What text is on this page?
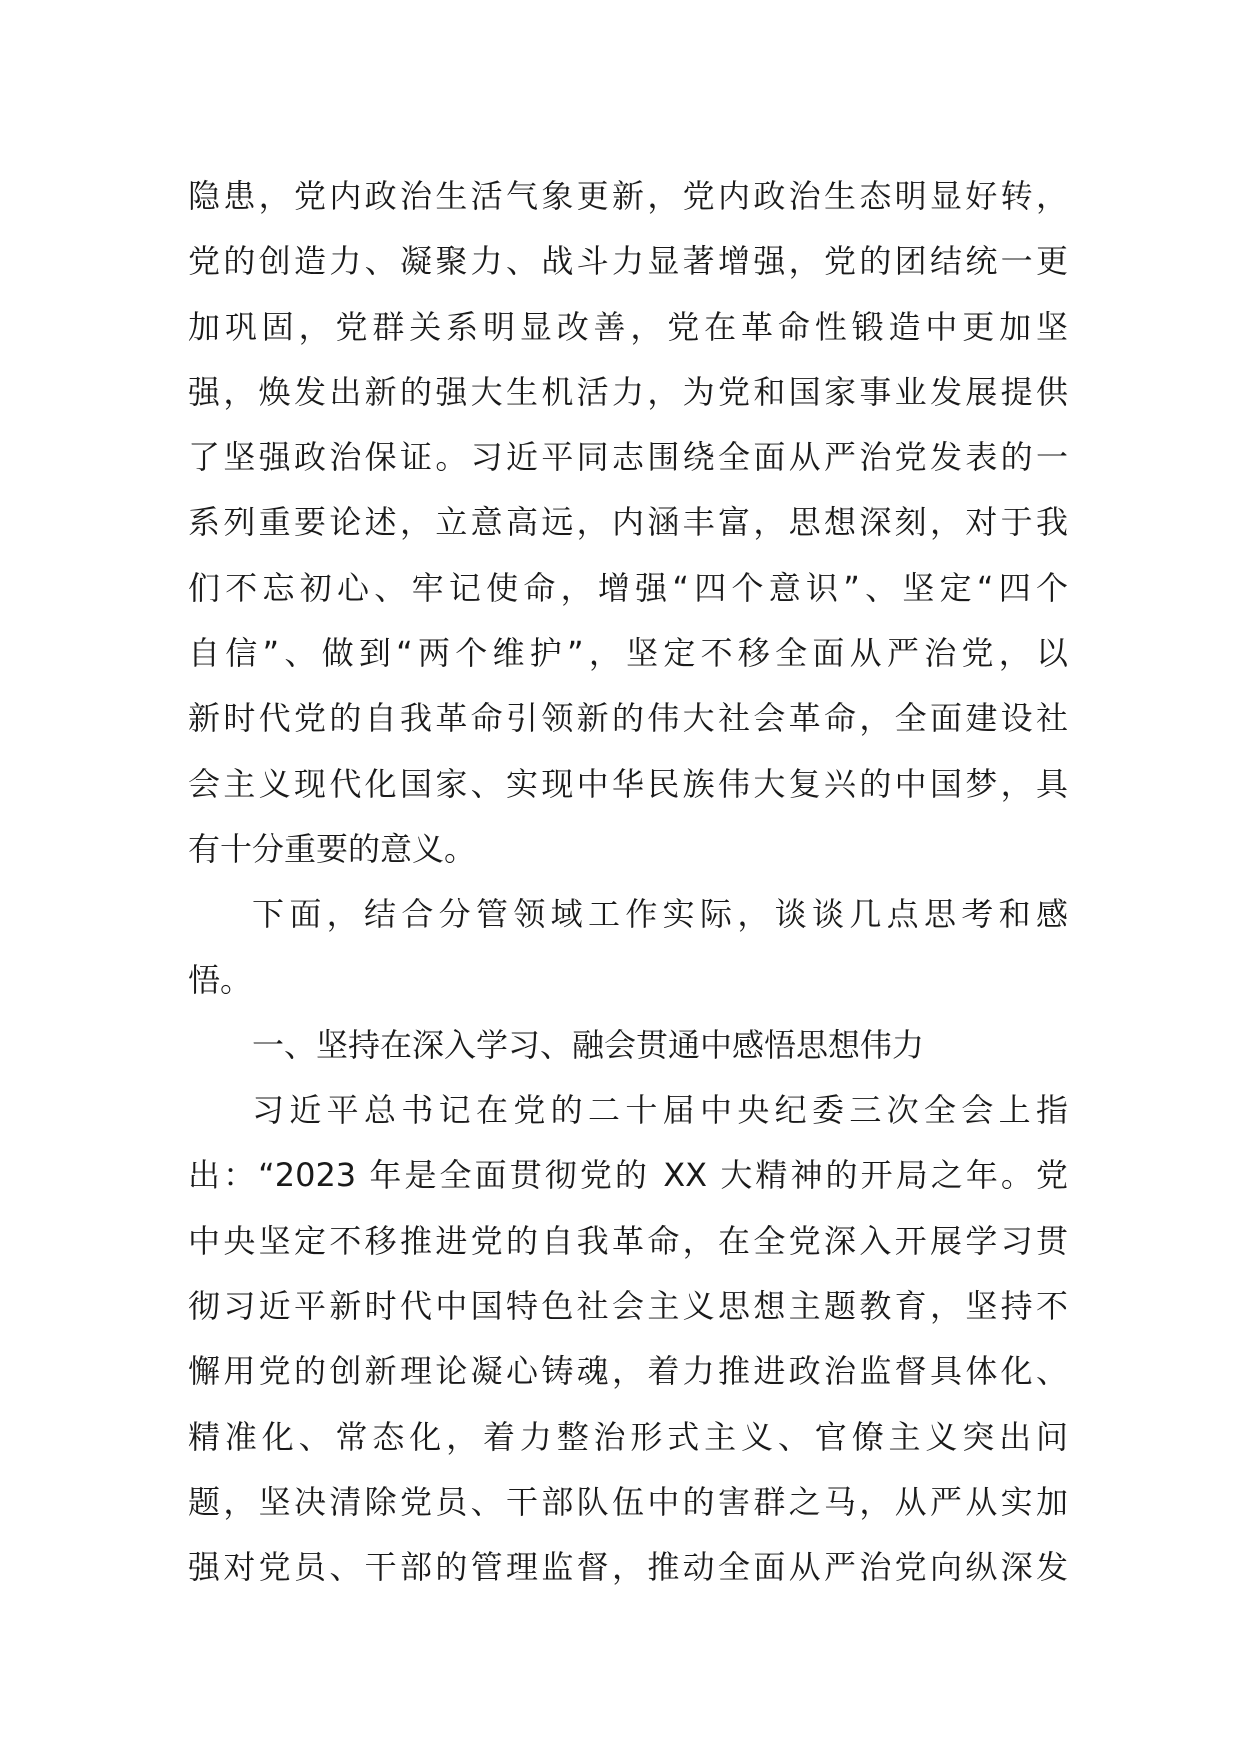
隐患，党内政治生活气象更新，党内政治生态明显好转，
党的创造力、凝聚力、战斗力显著增强，党的团结统一更
加巩固，党群关系明显改善，党在革命性锻造中更加坚
强，焕发出新的强大生机活力，为党和国家事业发展提供
了坚强政治保证。习近平同志围绕全面从严治党发表的一
系列重要论述，立意高远，内涵丰富，思想深刻，对于我
们不忘初心、牢记使命，增强“四个意识”、坚定“四个
自信”、做到“两个维护”，坚定不移全面从严治党，以
新时代党的自我革命引领新的伟大社会革命，全面建设社
会主义现代化国家、实现中华民族伟大复兴的中国梦，具
有十分重要的意义。
下面，结合分管领域工作实际，谈谈几点思考和感
悟。
一、坚持在深入学习、融会贯通中感悟思想伟力
习近平总书记在党的二十届中央纪委三次全会上指
出：“2023 年是全面贯彻党的 XX 大精神的开局之年。党
中央坚定不移推进党的自我革命，在全党深入开展学习贯
彻习近平新时代中国特色社会主义思想主题教育，坚持不
懈用党的创新理论凝心铸魂，着力推进政治监督具体化、
精准化、常态化，着力整治形式主义、官僚主义突出问
题，坚决清除党员、干部队伍中的害群之马，从严从实加
强对党员、干部的管理监督，推动全面从严治党向纵深发
